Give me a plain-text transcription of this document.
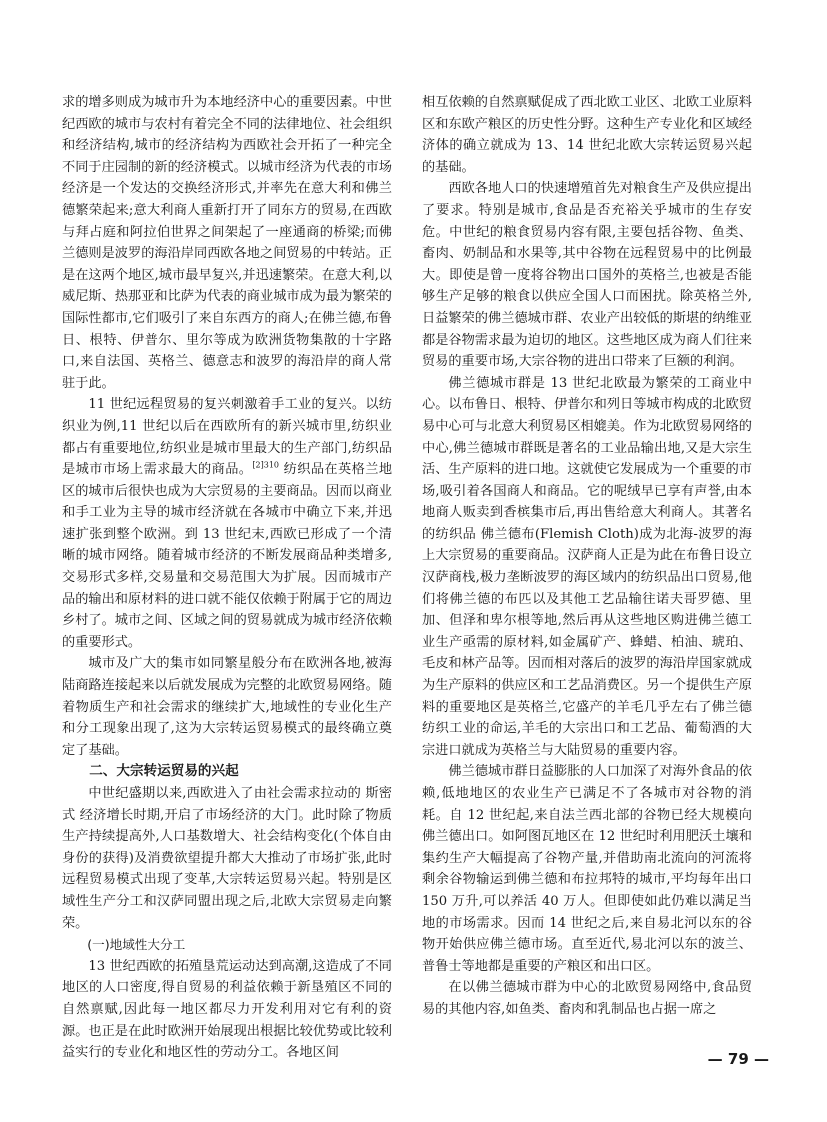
求的增多则成为城市升为本地经济中心的重要因素。中世纪西欧的城市与农村有着完全不同的法律地位、社会组织和经济结构,城市的经济结构为西欧社会开拓了一种完全不同于庄园制的新的经济模式。以城市经济为代表的市场经济是一个发达的交换经济形式,并率先在意大利和佛兰德繁荣起来;意大利商人重新打开了同东方的贸易,在西欧与拜占庭和阿拉伯世界之间架起了一座通商的桥梁;而佛兰德则是波罗的海沿岸同西欧各地之间贸易的中转站。正是在这两个地区,城市最早复兴,并迅速繁荣。在意大利,以威尼斯、热那亚和比萨为代表的商业城市成为最为繁荣的国际性都市,它们吸引了来自东西方的商人;在佛兰德,布鲁日、根特、伊普尔、里尔等成为欧洲货物集散的十字路口,来自法国、英格兰、德意志和波罗的海沿岸的商人常驻于此。

11 世纪远程贸易的复兴刺激着手工业的复兴。以纺织业为例,11 世纪以后在西欧所有的新兴城市里,纺织业都占有重要地位,纺织业是城市里最大的生产部门,纺织品是城市市场上需求最大的商品。$^{[2]310}$ 纺织品在英格兰地区的城市后很快也成为大宗贸易的主要商品。因而以商业和手工业为主导的城市经济就在各城市中确立下来,并迅速扩张到整个欧洲。到 13 世纪末,西欧已形成了一个清晰的城市网络。随着城市经济的不断发展商品种类增多,交易形式多样,交易量和交易范围大为扩展。因而城市产品的输出和原材料的进口就不能仅依赖于附属于它的周边乡村了。城市之间、区域之间的贸易就成为城市经济依赖的重要形式。

城市及广大的集市如同繁星般分布在欧洲各地,被海陆商路连接起来以后就发展成为完整的北欧贸易网络。随着物质生产和社会需求的继续扩大,地域性的专业化生产和分工现象出现了,这为大宗转运贸易模式的最终确立奠定了基础。

二、大宗转运贸易的兴起

中世纪盛期以来,西欧进入了由社会需求拉动的 斯密式 经济增长时期,开启了市场经济的大门。此时除了物质生产持续提高外,人口基数增大、社会结构变化(个体自由身份的获得)及消费欲望提升都大大推动了市场扩张,此时远程贸易模式出现了变革,大宗转运贸易兴起。特别是区域性生产分工和汉萨同盟出现之后,北欧大宗贸易走向繁荣。

(一)地域性大分工

13 世纪西欧的拓殖垦荒运动达到高潮,这造成了不同地区的人口密度,得自贸易的利益依赖于新垦殖区不同的自然禀赋,因此每一地区都尽力开发利用对它有利的资源。也正是在此时欧洲开始展现出根据比较优势或比较利益实行的专业化和地区性的劳动分工。各地区间

相互依赖的自然禀赋促成了西北欧工业区、北欧工业原料区和东欧产粮区的历史性分野。这种生产专业化和区域经济体的确立就成为 13、14 世纪北欧大宗转运贸易兴起的基础。

西欧各地人口的快速增殖首先对粮食生产及供应提出了要求。特别是城市,食品是否充裕关乎城市的生存安危。中世纪的粮食贸易内容有限,主要包括谷物、鱼类、畜肉、奶制品和水果等,其中谷物在远程贸易中的比例最大。即使是曾一度将谷物出口国外的英格兰,也被是否能够生产足够的粮食以供应全国人口而困扰。除英格兰外,日益繁荣的佛兰德城市群、农业产出较低的斯堪的纳维亚都是谷物需求最为迫切的地区。这些地区成为商人们往来贸易的重要市场,大宗谷物的进出口带来了巨额的利润。

佛兰德城市群是 13 世纪北欧最为繁荣的工商业中心。以布鲁日、根特、伊普尔和列日等城市构成的北欧贸易中心可与北意大利贸易区相媲美。作为北欧贸易网络的中心,佛兰德城市群既是著名的工业品输出地,又是大宗生活、生产原料的进口地。这就使它发展成为一个重要的市场,吸引着各国商人和商品。它的呢绒早已享有声誉,由本地商人贩卖到香槟集市后,再出售给意大利商人。其著名的纺织品 佛兰德布(Flemish Cloth)成为北海-波罗的海上大宗贸易的重要商品。汉萨商人正是为此在布鲁日设立汉萨商栈,极力垄断波罗的海区域内的纺织品出口贸易,他们将佛兰德的布匹以及其他工艺品输往诺夫哥罗德、里加、但泽和卑尔根等地,然后再从这些地区购进佛兰德工业生产亟需的原材料,如金属矿产、蜂蜡、柏油、琥珀、毛皮和林产品等。因而相对落后的波罗的海沿岸国家就成为生产原料的供应区和工艺品消费区。另一个提供生产原料的重要地区是英格兰,它盛产的羊毛几乎左右了佛兰德纺织工业的命运,羊毛的大宗出口和工艺品、葡萄酒的大宗进口就成为英格兰与大陆贸易的重要内容。

佛兰德城市群日益膨胀的人口加深了对海外食品的依赖,低地地区的农业生产已满足不了各城市对谷物的消耗。自 12 世纪起,来自法兰西北部的谷物已经大规模向佛兰德出口。如阿图瓦地区在 12 世纪时利用肥沃土壤和集约生产大幅提高了谷物产量,并借助南北流向的河流将剩余谷物输运到佛兰德和布拉邦特的城市,平均每年出口 150 万升,可以养活 40 万人。但即使如此仍难以满足当地的市场需求。因而 14 世纪之后,来自易北河以东的谷物开始供应佛兰德市场。直至近代,易北河以东的波兰、普鲁士等地都是重要的产粮区和出口区。

在以佛兰德城市群为中心的北欧贸易网络中,食品贸易的其他内容,如鱼类、畜肉和乳制品也占据一席之

— 79 —
